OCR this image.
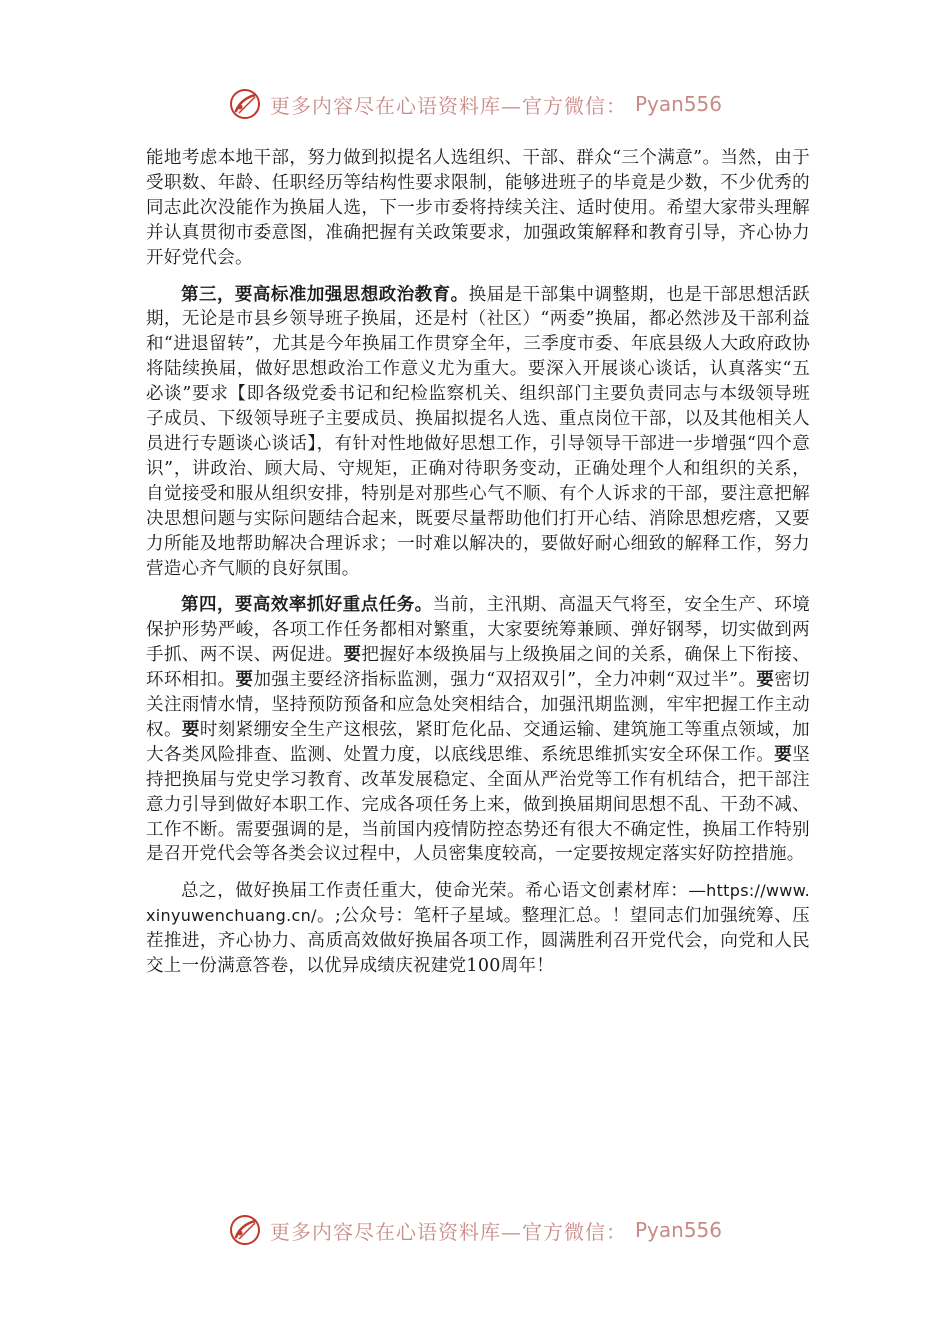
更多内容尽在心语资料库—官方微信： Pyan556

能地考虑本地干部，努力做到拟提名人选组织、干部、群众“三个满意”。当然，由于受职数、年龄、任职经历等结构性要求限制，能够进班子的毕竟是少数，不少优秀的同志此次没能作为换届人选，下一步市委将持续关注、适时使用。希望大家带头理解并认真贯彻市委意图，准确把握有关政策要求，加强政策解释和教育引导，齐心协力开好党代会。

第三，要高标准加强思想政治教育。换届是干部集中调整期，也是干部思想活跃期，无论是市县乡领导班子换届，还是村（社区）“两委”换届，都必然涉及干部利益和“进退留转”，尤其是今年换届工作贯穿全年，三季度市委、年底县级人大政府政协将陆续换届，做好思想政治工作意义尤为重大。要深入开展谈心谈话，认真落实“五必谈”要求【即各级党委书记和纪检监察机关、组织部门主要负责同志与本级领导班子成员、下级领导班子主要成员、换届拟提名人选、重点岗位干部，以及其他相关人员进行专题谈心谈话】，有针对性地做好思想工作，引导领导干部进一步增强“四个意识”，讲政治、顾大局、守规矩，正确对待职务变动，正确处理个人和组织的关系，自觉接受和服从组织安排，特别是对那些心气不顺、有个人诉求的干部，要注意把解决思想问题与实际问题结合起来，既要尽量帮助他们打开心结、消除思想疙瘩，又要力所能及地帮助解决合理诉求；一时难以解决的，要做好耐心细致的解释工作，努力营造心齐气顺的良好氛围。

第四，要高效率抓好重点任务。当前，主汛期、高温天气将至，安全生产、环境保护形势严峻，各项工作任务都相对繁重，大家要统筹兼顾、弹好钢琴，切实做到两手抓、两不误、两促进。要把握好本级换届与上级换届之间的关系，确保上下衔接、环环相扣。要加强主要经济指标监测，强力“双招双引”，全力冲刺“双过半”。要密切关注雨情水情，坚持预防预备和应急处突相结合，加强汛期监测，牢牢把握工作主动权。要时刻紧绷安全生产这根弦，紧盯危化品、交通运输、建筑施工等重点领域，加大各类风险排查、监测、处置力度，以底线思维、系统思维抓实安全环保工作。要坚持把换届与党史学习教育、改革发展稳定、全面从严治党等工作有机结合，把干部注意力引导到做好本职工作、完成各项任务上来，做到换届期间思想不乱、干劲不减、工作不断。需要强调的是，当前国内疫情防控态势还有很大不确定性，换届工作特别是召开党代会等各类会议过程中，人员密集度较高，一定要按规定落实好防控措施。

总之，做好换届工作责任重大，使命光荣。希心语文创素材库：—https://www.xinyuwenchuang.cn/。;公众号：笔杆子星域。整理汇总。！望同志们加强统筹、压茬推进，齐心协力、高质高效做好换届各项工作，圆满胜利召开党代会，向党和人民交上一份满意答卷，以优异成绩庆祝建党100周年！

更多内容尽在心语资料库—官方微信： Pyan556
